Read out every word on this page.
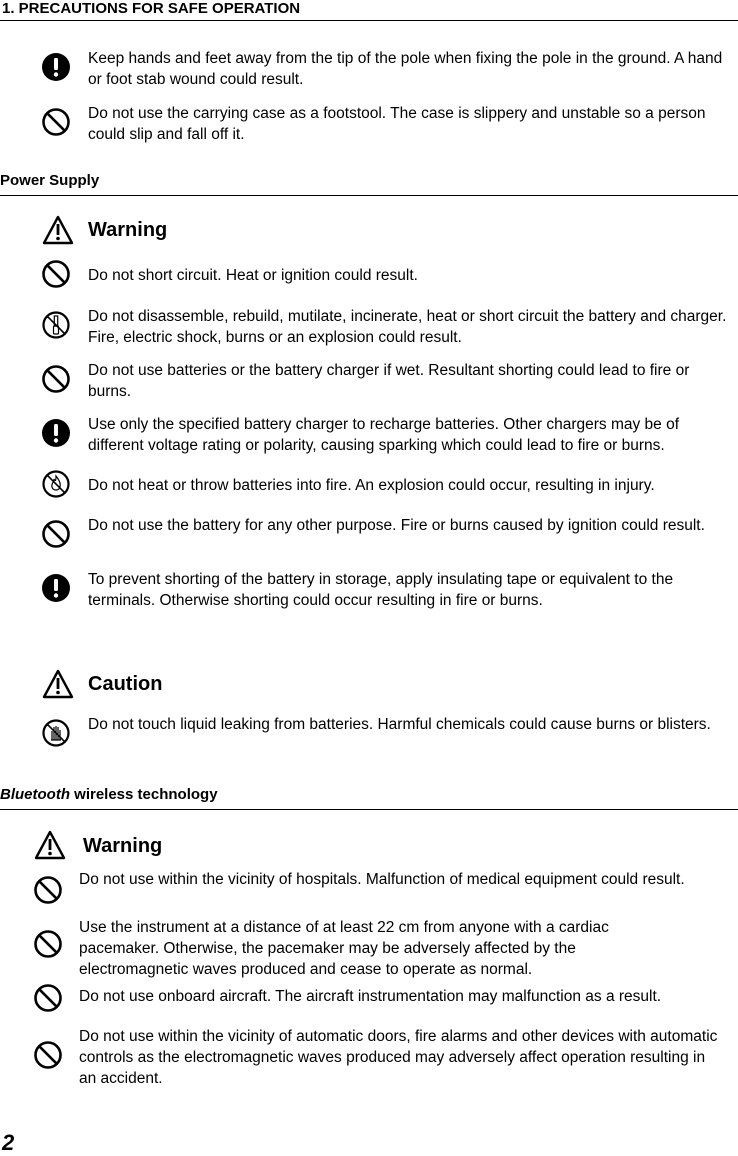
1. PRECAUTIONS FOR SAFE OPERATION
Keep hands and feet away from the tip of the pole when fixing the pole in the ground. A hand or foot stab wound could result.
Do not use the carrying case as a footstool. The case is slippery and unstable so a person could slip and fall off it.
Power Supply
Warning
Do not short circuit. Heat or ignition could result.
Do not disassemble, rebuild, mutilate, incinerate, heat or short circuit the battery and charger. Fire, electric shock, burns or an explosion could result.
Do not use batteries or the battery charger if wet. Resultant shorting could lead to fire or burns.
Use only the specified battery charger to recharge batteries. Other chargers may be of different voltage rating or polarity, causing sparking which could lead to fire or burns.
Do not heat or throw batteries into fire. An explosion could occur, resulting in injury.
Do not use the battery for any other purpose. Fire or burns caused by ignition could result.
To prevent shorting of the battery in storage, apply insulating tape or equivalent to the terminals. Otherwise shorting could occur resulting in fire or burns.
Caution
Do not touch liquid leaking from batteries. Harmful chemicals could cause burns or blisters.
Bluetooth wireless technology
Warning
Do not use within the vicinity of hospitals. Malfunction of medical equipment could result.
Use the instrument at a distance of at least 22 cm from anyone with a cardiac pacemaker. Otherwise, the pacemaker may be adversely affected by the electromagnetic waves produced and cease to operate as normal.
Do not use onboard aircraft. The aircraft instrumentation may malfunction as a result.
Do not use within the vicinity of automatic doors, fire alarms and other devices with automatic controls as the electromagnetic waves produced may adversely affect operation resulting in an accident.
2
